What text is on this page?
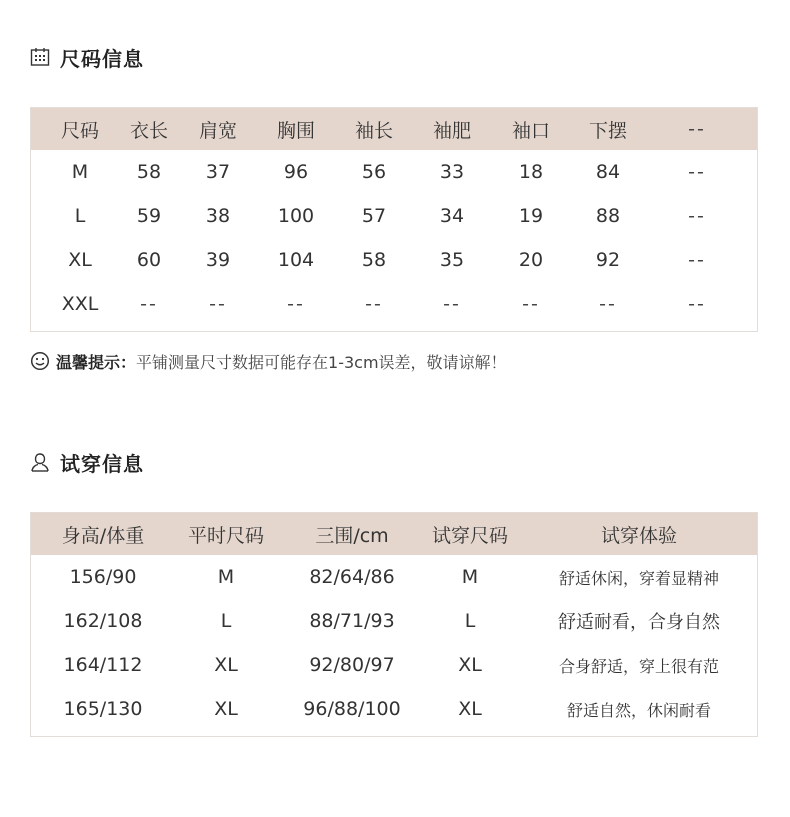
尺码信息
尺码 衣长 肩宽 胸围 袖长 袖肥 袖口 下摆	--
M	58 37	96	56	33	18	84	--
L	59 38	100	57	34	19	88	--
XL 60 39	104	58	35	20	92	--
XXL --	--	--	--	--	--	--	--
温馨提示： 平铺测量尺寸数据可能存在1-3cm误差，敬请谅解！
试穿信息
身高/体重 平时尺码	三围/cm 试穿尺码	试穿体验
156/90	M	82/64/86	M	舒适休闲，穿着显精神
162/108	L	88/71/93	L	舒适耐看，合身自然
164/112	XL	92/80/97	XL	合身舒适，穿上很有范
165/130	XL	96/88/100	XL	舒适自然，休闲耐看
